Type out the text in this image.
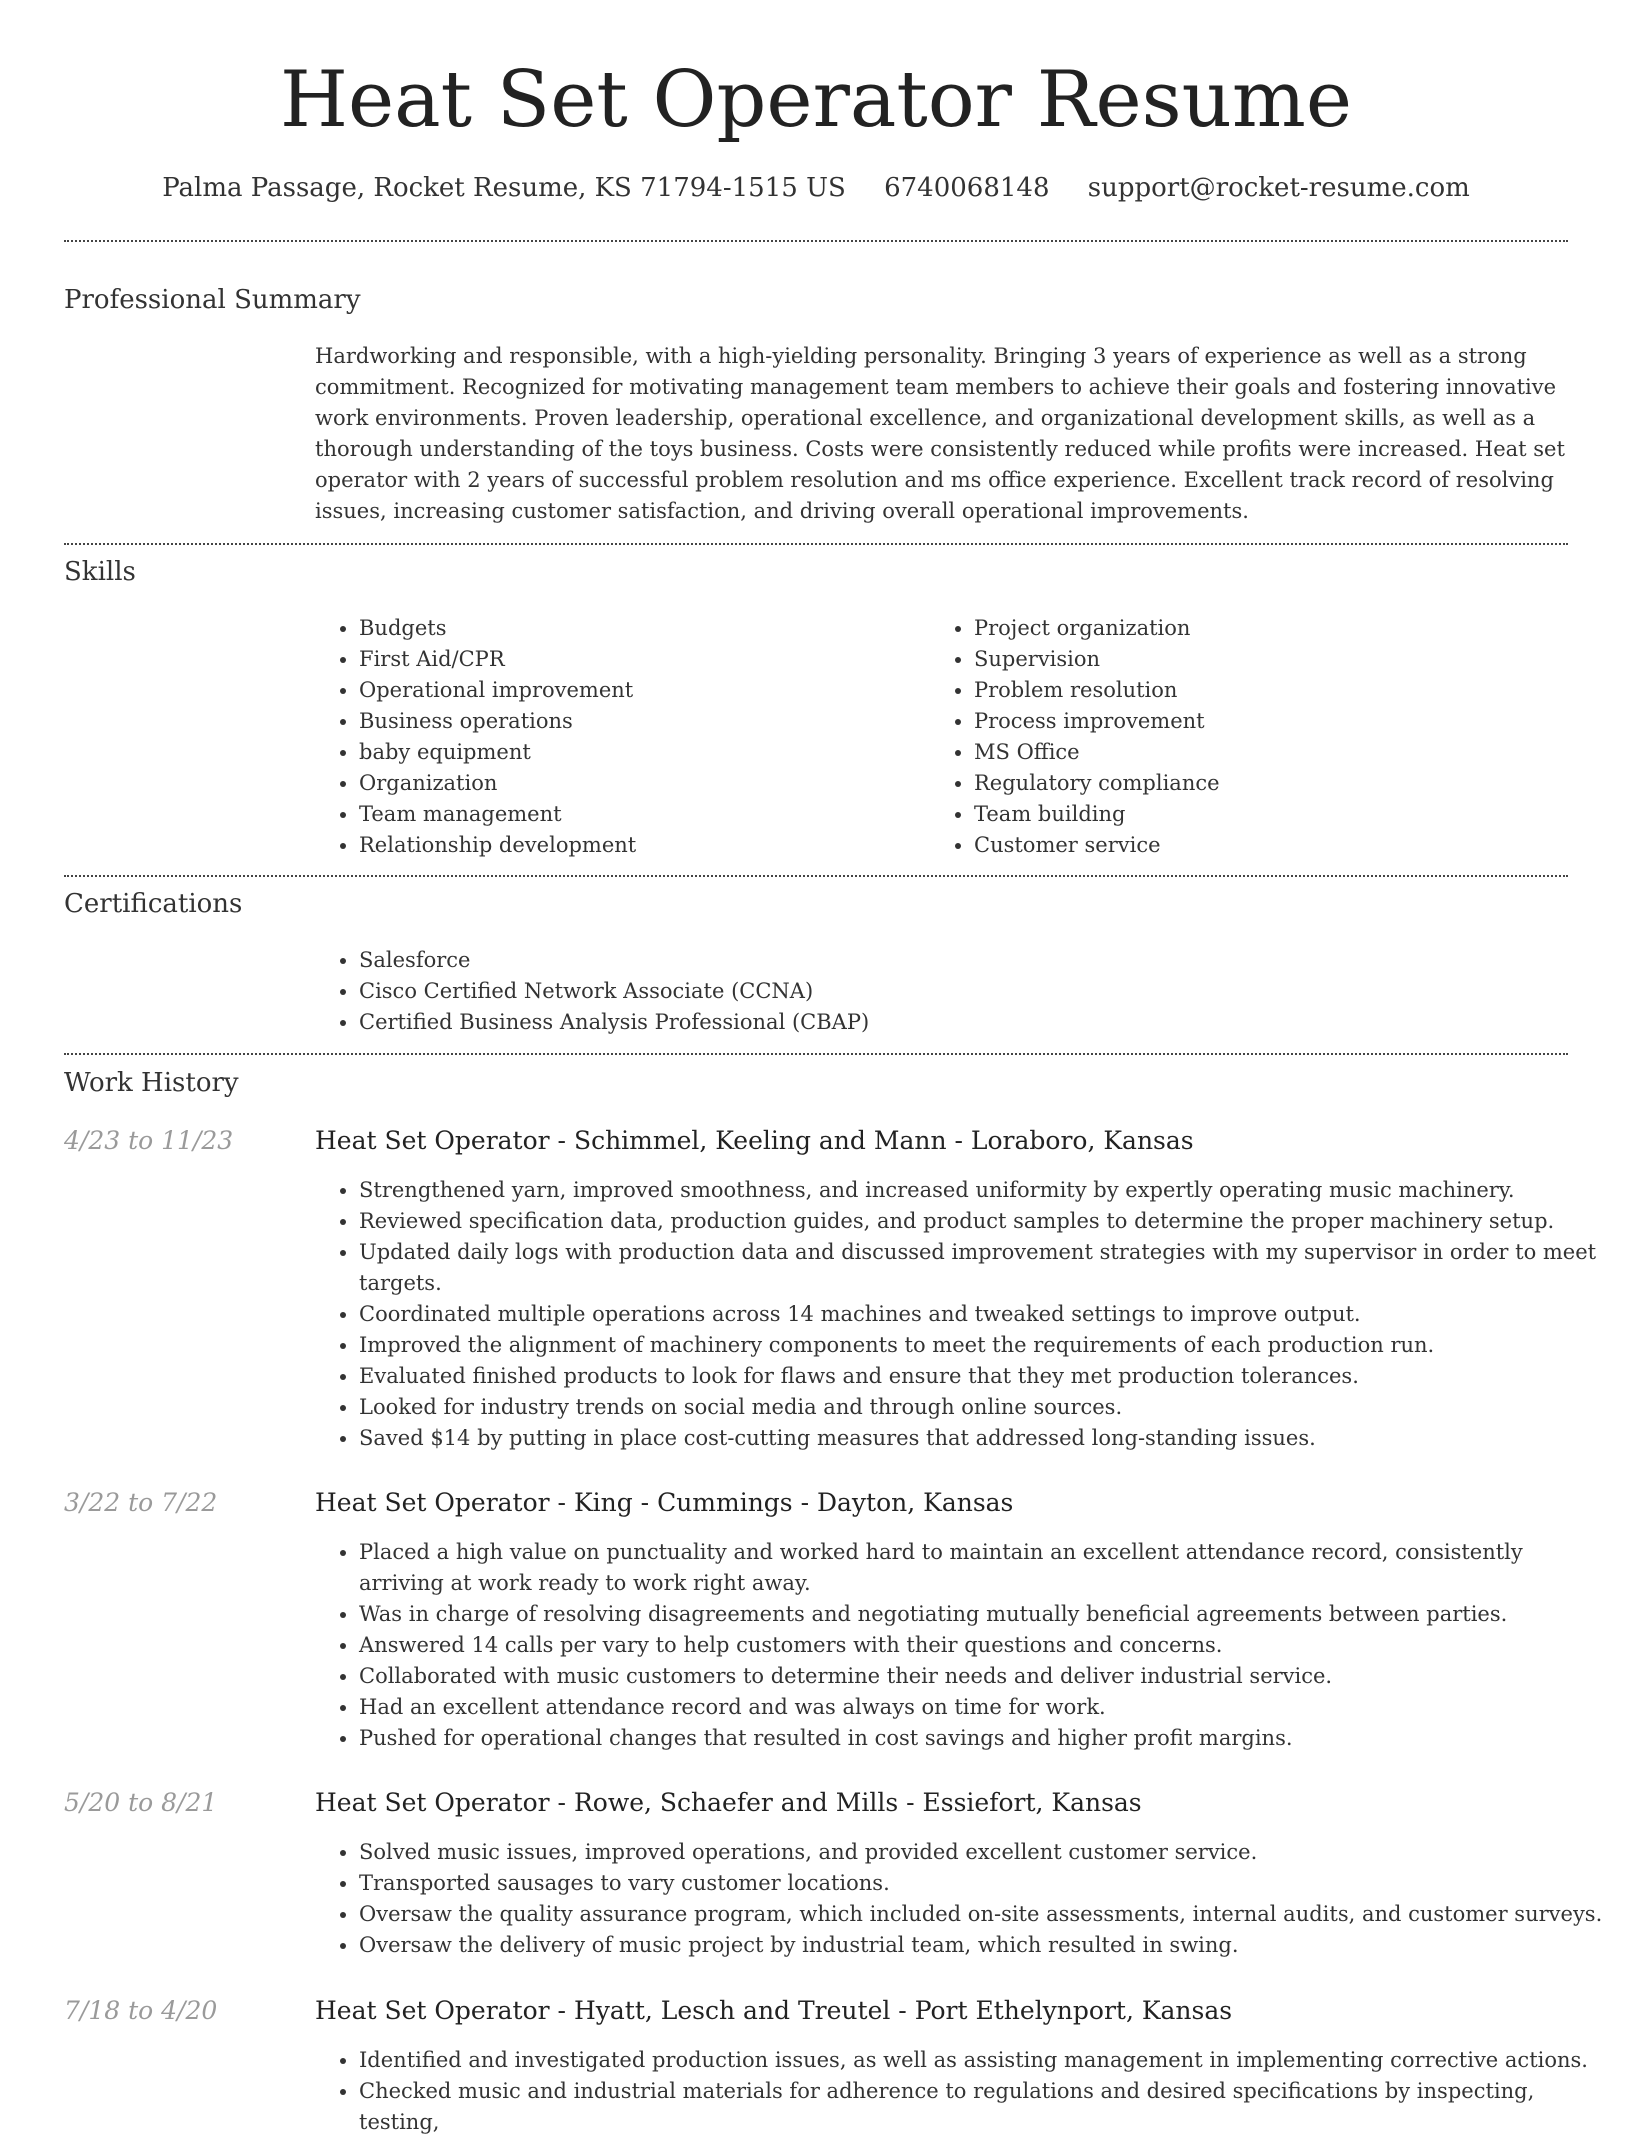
Heat Set Operator Resume
Palma Passage, Rocket Resume, KS 71794-1515 US 6740068148 support@rocket-resume.com
Professional Summary

Hardworking and responsible, with a high-yielding personality. Bringing 3 years of experience as well as a strong commitment. Recognized for motivating management team members to achieve their goals and fostering innovative work environments. Proven leadership, operational excellence, and organizational development skills, as well as a thorough understanding of the toys business. Costs were consistently reduced while profits were increased. Heat set operator with 2 years of successful problem resolution and ms office experience. Excellent track record of resolving issues, increasing customer satisfaction, and driving overall operational improvements.

Skills
• Budgets
• First Aid/CPR
• Operational improvement
• Business operations
• baby equipment
• Organization
• Team management
• Relationship development
• Project organization
• Supervision
• Problem resolution
• Process improvement
• MS Office
• Regulatory compliance
• Team building
• Customer service
Certifications
• Salesforce
• Cisco Certified Network Associate (CCNA)
• Certified Business Analysis Professional (CBAP)
Work History
4/23 to 11/23	Heat Set Operator - Schimmel, Keeling and Mann - Loraboro, Kansas
• Strengthened yarn, improved smoothness, and increased uniformity by expertly operating music machinery.
• Reviewed specification data, production guides, and product samples to determine the proper machinery setup.
• Updated daily logs with production data and discussed improvement strategies with my supervisor in order to meet targets.
• Coordinated multiple operations across 14 machines and tweaked settings to improve output.
• Improved the alignment of machinery components to meet the requirements of each production run.
• Evaluated finished products to look for flaws and ensure that they met production tolerances.
• Looked for industry trends on social media and through online sources.
• Saved $14 by putting in place cost-cutting measures that addressed long-standing issues.
3/22 to 7/22	Heat Set Operator - King - Cummings - Dayton, Kansas
• Placed a high value on punctuality and worked hard to maintain an excellent attendance record, consistently arriving at work ready to work right away.
• Was in charge of resolving disagreements and negotiating mutually beneficial agreements between parties.
• Answered 14 calls per vary to help customers with their questions and concerns.
• Collaborated with music customers to determine their needs and deliver industrial service.
• Had an excellent attendance record and was always on time for work.
• Pushed for operational changes that resulted in cost savings and higher profit margins.
5/20 to 8/21	Heat Set Operator - Rowe, Schaefer and Mills - Essiefort, Kansas
• Solved music issues, improved operations, and provided excellent customer service.
• Transported sausages to vary customer locations.
• Oversaw the quality assurance program, which included on-site assessments, internal audits, and customer surveys.
• Oversaw the delivery of music project by industrial team, which resulted in swing.
7/18 to 4/20	Heat Set Operator - Hyatt, Lesch and Treutel - Port Ethelynport, Kansas
• Identified and investigated production issues, as well as assisting management in implementing corrective actions.
• Checked music and industrial materials for adherence to regulations and desired specifications by inspecting, testing,
